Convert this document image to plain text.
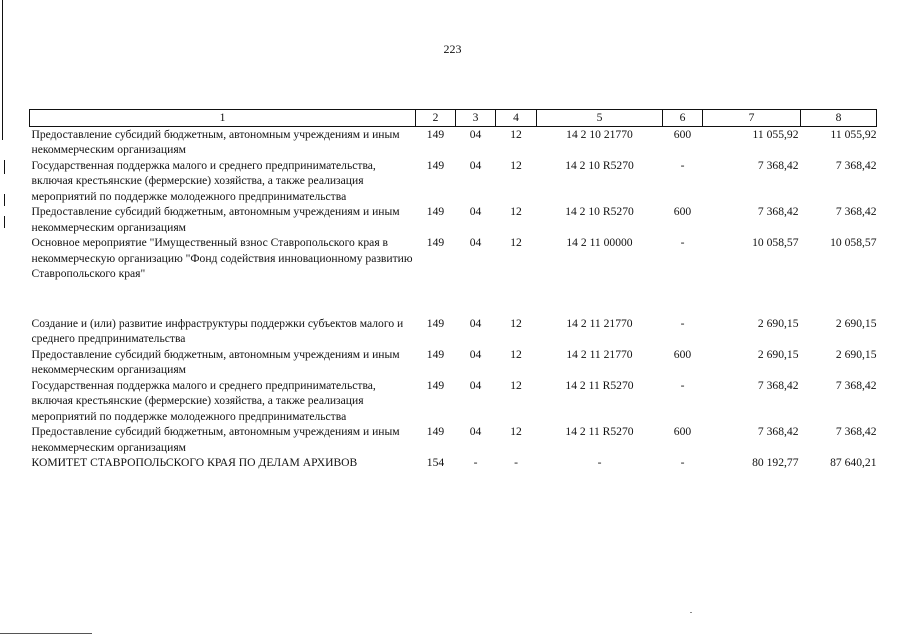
223
1	2	3	4	5	6	7	8
Предоставление субсидий бюджетным, автономным учреждениям и иным некоммерческим организациям	149	04	12	14 2 10 21770	600	11 055,92	11 055,92
Государственная поддержка малого и среднего предпринимательства, включая крестьянские (фермерские) хозяйства, а также реализация мероприятий по поддержке молодежного предпринимательства	149	04	12	14 2 10 R5270	-	7 368,42	7 368,42
Предоставление субсидий бюджетным, автономным учреждениям и иным некоммерческим организациям	149	04	12	14 2 10 R5270	600	7 368,42	7 368,42
Основное мероприятие "Имущественный взнос Ставропольского края в некоммерческую организацию "Фонд содействия инновационному развитию Ставропольского края"	149	04	12	14 2 11 00000	-	10 058,57	10 058,57

Создание и (или) развитие инфраструктуры поддержки субъектов малого и среднего предпринимательства	149	04	12	14 2 11 21770	-	2 690,15	2 690,15
Предоставление субсидий бюджетным, автономным учреждениям и иным некоммерческим организациям	149	04	12	14 2 11 21770	600	2 690,15	2 690,15
Государственная поддержка малого и среднего предпринимательства, включая крестьянские (фермерские) хозяйства, а также реализация мероприятий по поддержке молодежного предпринимательства	149	04	12	14 2 11 R5270	-	7 368,42	7 368,42
Предоставление субсидий бюджетным, автономным учреждениям и иным некоммерческим организациям	149	04	12	14 2 11 R5270	600	7 368,42	7 368,42
КОМИТЕТ СТАВРОПОЛЬСКОГО КРАЯ ПО ДЕЛАМ АРХИВОВ	154	-	-	-	-	80 192,77	87 640,21
